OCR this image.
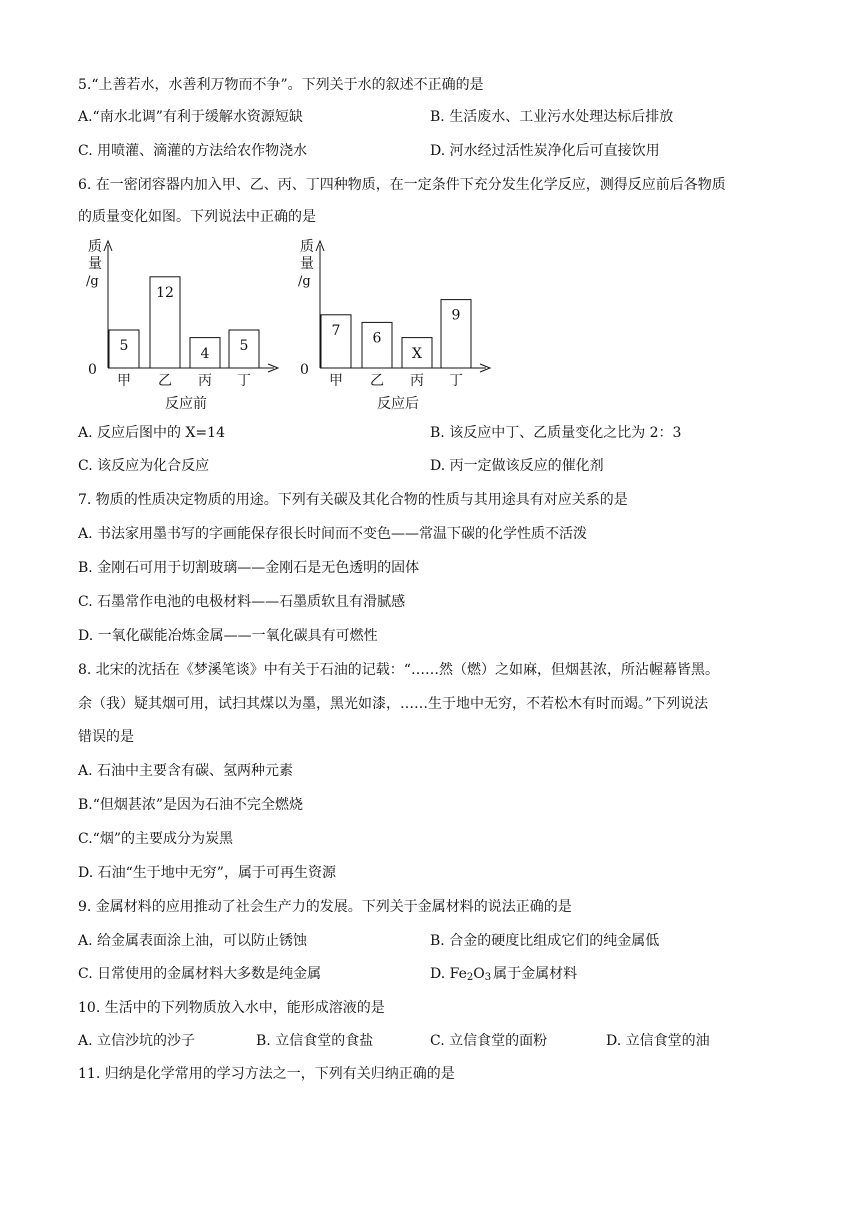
5.“上善若水，水善利万物而不争”。下列关于水的叙述不正确的是
A.“南水北调”有利于缓解水资源短缺	B. 生活废水、工业污水处理达标后排放
C. 用喷灌、滴灌的方法给农作物浇水	D. 河水经过活性炭净化后可直接饮用
6. 在一密闭容器内加入甲、乙、丙、丁四种物质，在一定条件下充分发生化学反应，测得反应前后各物质
的质量变化如图。下列说法中正确的是
质
量
/g
0
5
甲
12
乙
4
丙
5
丁
反应前
质
量
/g
0
7
甲
6
乙
X
丙
9
丁
反应后
A. 反应后图中的 X=14	B. 该反应中丁、乙质量变化之比为 2：3
C. 该反应为化合反应	D. 丙一定做该反应的催化剂
7. 物质的性质决定物质的用途。下列有关碳及其化合物的性质与其用途具有对应关系的是
A. 书法家用墨书写的字画能保存很长时间而不变色——常温下碳的化学性质不活泼
B. 金刚石可用于切割玻璃——金刚石是无色透明的固体
C. 石墨常作电池的电极材料——石墨质软且有滑腻感
D. 一氧化碳能冶炼金属——一氧化碳具有可燃性
8. 北宋的沈括在《梦溪笔谈》中有关于石油的记载：“……然（燃）之如麻，但烟甚浓，所沾幄幕皆黑。
余（我）疑其烟可用，试扫其煤以为墨，黑光如漆，……生于地中无穷，不若松木有时而竭。”下列说法
错误的是
A. 石油中主要含有碳、氢两种元素
B.“但烟甚浓”是因为石油不完全燃烧
C.“烟”的主要成分为炭黑
D. 石油“生于地中无穷”，属于可再生资源
9. 金属材料的应用推动了社会生产力的发展。下列关于金属材料的说法正确的是
A. 给金属表面涂上油，可以防止锈蚀	B. 合金的硬度比组成它们的纯金属低
C. 日常使用的金属材料大多数是纯金属	D. $Fe_2O_3$ 属于金属材料
10. 生活中的下列物质放入水中，能形成溶液的是
A. 立信沙坑的沙子	B. 立信食堂的食盐	C. 立信食堂的面粉	D. 立信食堂的油
11. 归纳是化学常用的学习方法之一，下列有关归纳正确的是
